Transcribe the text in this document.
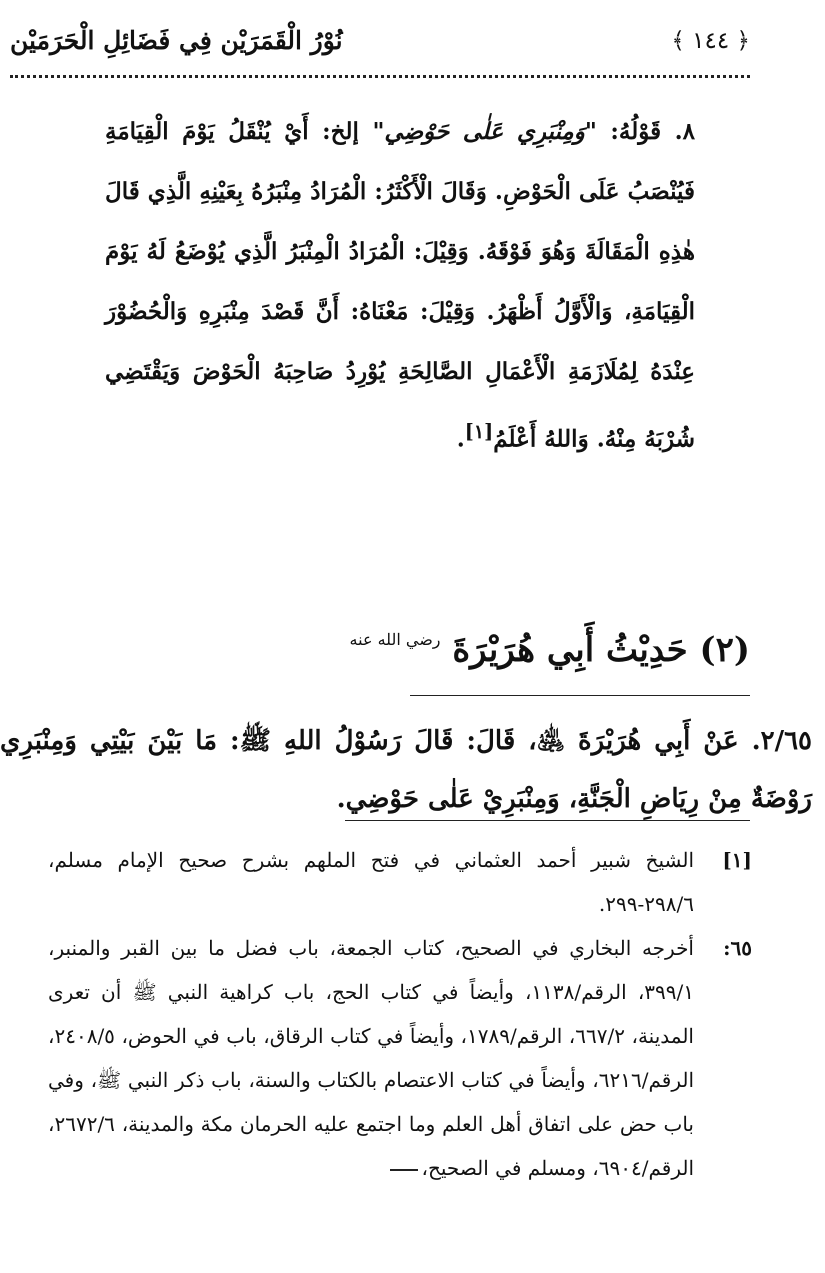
نُوْرُ الْقَمَرَيْن فِي فَضَائِلِ الْحَرَمَيْن	﴿ ١٤٤ ﴾
٨. قَوْلُهُ: "وَمِنْبَرِي عَلٰى حَوْضِي" إلخ: أَيْ يُنْقَلُ يَوْمَ الْقِيَامَةِ فَيُنْصَبُ عَلَى الْحَوْضِ. وَقَالَ الْأَكْثَرُ: الْمُرَادُ مِنْبَرُهُ بِعَيْنِهِ الَّذِي قَالَ هٰذِهِ الْمَقَالَةَ وَهُوَ فَوْقَهُ. وَقِيْلَ: الْمُرَادُ الْمِنْبَرُ الَّذِي يُوْضَعُ لَهُ يَوْمَ الْقِيَامَةِ، وَالْأَوَّلُ أَظْهَرُ. وَقِيْلَ: مَعْنَاهُ: أَنَّ قَصْدَ مِنْبَرِهِ وَالْحُضُوْرَ عِنْدَهُ لِمُلَازَمَةِ الْأَعْمَالِ الصَّالِحَةِ يُوْرِدُ صَاحِبَهُ الْحَوْضَ وَيَقْتَضِي شُرْبَهُ مِنْهُ. وَاللهُ أَعْلَمُ[١].
(٢) حَدِيْثُ أَبِي هُرَيْرَةَ $^{رضي الله عنه}$
٢/٦٥. عَنْ أَبِي هُرَيْرَةَ ﵁، قَالَ: قَالَ رَسُوْلُ اللهِ ﷺ: مَا بَيْنَ بَيْتِي وَمِنْبَرِي رَوْضَةٌ مِنْ رِيَاضِ الْجَنَّةِ، وَمِنْبَرِيْ عَلٰى حَوْضِي.
[١]
الشيخ شبير أحمد العثماني في فتح الملهم بشرح صحيح الإمام مسلم، ٢٩٨/٦-٢٩٩.
٦٥:
أخرجه البخاري في الصحيح، كتاب الجمعة، باب فضل ما بين القبر والمنبر، ٣٩٩/١، الرقم/١١٣٨، وأيضاً في كتاب الحج، باب كراهية النبي ﷺ أن تعرى المدينة، ٦٦٧/٢، الرقم/١٧٨٩، وأيضاً في كتاب الرقاق، باب في الحوض، ٢٤٠٨/٥، الرقم/٦٢١٦، وأيضاً في كتاب الاعتصام بالكتاب والسنة، باب ذكر النبي ﷺ، وفي باب حض على اتفاق أهل العلم وما اجتمع عليه الحرمان مكة والمدينة، ٢٦٧٢/٦، الرقم/٦٩٠٤، ومسلم في الصحيح،
